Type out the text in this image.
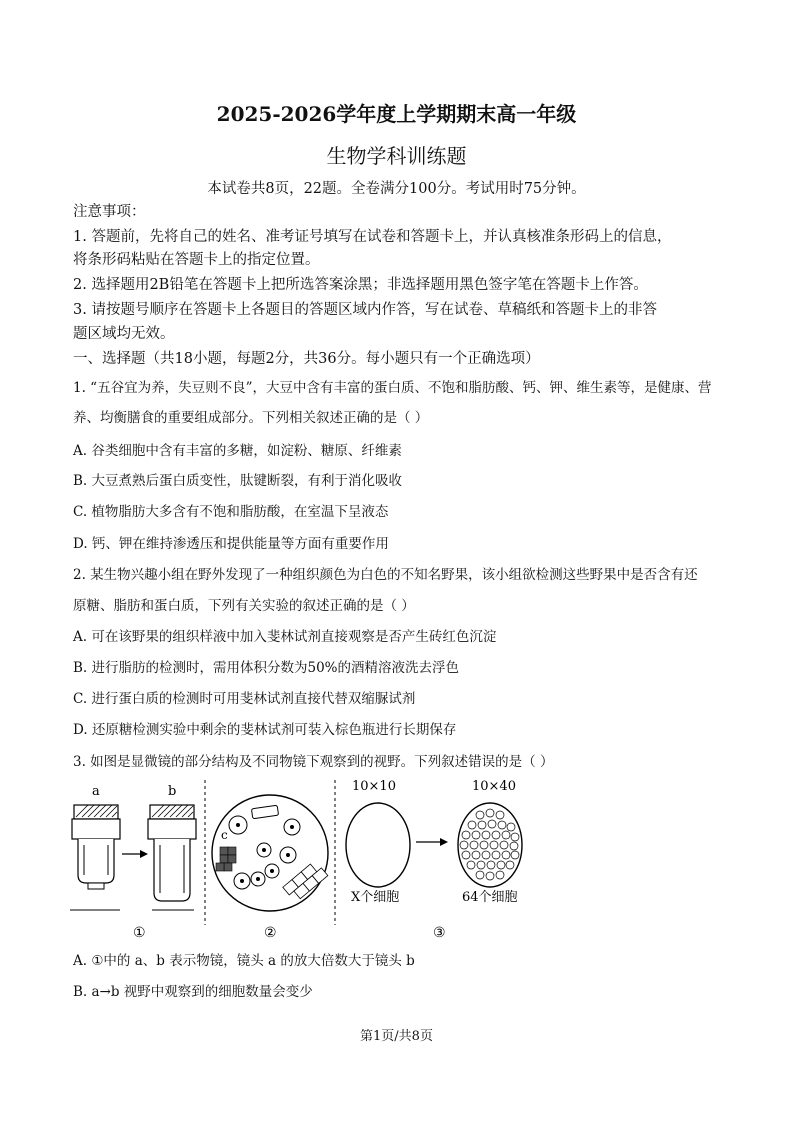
2025-2026学年度上学期期末高一年级
生物学科训练题
本试卷共8页，22题。全卷满分100分。考试用时75分钟。
注意事项：
1. 答题前，先将自己的姓名、准考证号填写在试卷和答题卡上，并认真核准条形码上的信息，
将条形码粘贴在答题卡上的指定位置。
2. 选择题用2B铅笔在答题卡上把所选答案涂黑；非选择题用黑色签字笔在答题卡上作答。
3. 请按题号顺序在答题卡上各题目的答题区域内作答，写在试卷、草稿纸和答题卡上的非答
题区域均无效。
一、选择题（共18小题，每题2分，共36分。每小题只有一个正确选项）
1. “五谷宜为养，失豆则不良”，大豆中含有丰富的蛋白质、不饱和脂肪酸、钙、钾、维生素等，是健康、营
养、均衡膳食的重要组成部分。下列相关叙述正确的是（ ）
A. 谷类细胞中含有丰富的多糖，如淀粉、糖原、纤维素
B. 大豆煮熟后蛋白质变性，肽键断裂，有利于消化吸收
C. 植物脂肪大多含有不饱和脂肪酸，在室温下呈液态
D. 钙、钾在维持渗透压和提供能量等方面有重要作用
2. 某生物兴趣小组在野外发现了一种组织颜色为白色的不知名野果，该小组欲检测这些野果中是否含有还
原糖、脂肪和蛋白质，下列有关实验的叙述正确的是（ ）
A. 可在该野果的组织样液中加入斐林试剂直接观察是否产生砖红色沉淀
B. 进行脂肪的检测时，需用体积分数为50%的酒精溶液洗去浮色
C. 进行蛋白质的检测时可用斐林试剂直接代替双缩脲试剂
D. 还原糖检测实验中剩余的斐林试剂可装入棕色瓶进行长期保存
3. 如图是显微镜的部分结构及不同物镜下观察到的视野。下列叙述错误的是（ ）
a	b
c
10×10
X个细胞
10×40
64个细胞
①	②	③
A. ①中的 a、b 表示物镜，镜头 a 的放大倍数大于镜头 b
B. a→b 视野中观察到的细胞数量会变少
第1页/共8页
